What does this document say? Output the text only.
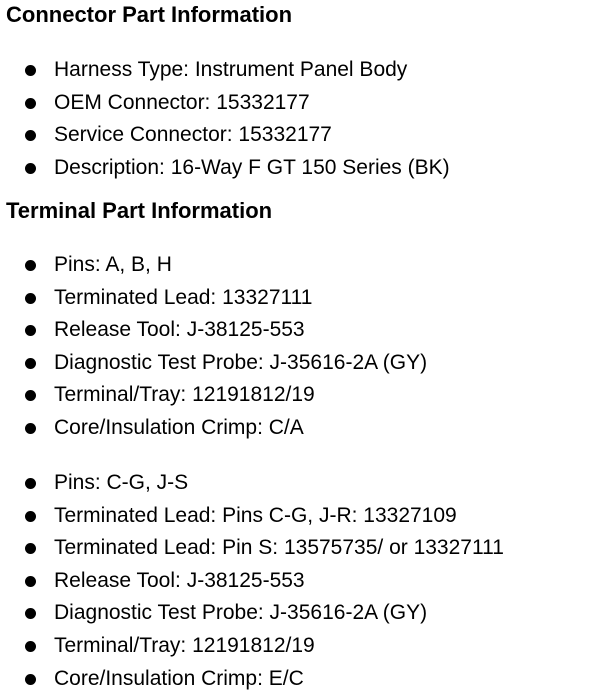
Connector Part Information
Harness Type: Instrument Panel Body
OEM Connector: 15332177
Service Connector: 15332177
Description: 16-Way F GT 150 Series (BK)
Terminal Part Information
Pins: A, B, H
Terminated Lead: 13327111
Release Tool: J-38125-553
Diagnostic Test Probe: J-35616-2A (GY)
Terminal/Tray: 12191812/19
Core/Insulation Crimp: C/A
Pins: C-G, J-S
Terminated Lead: Pins C-G, J-R: 13327109
Terminated Lead: Pin S: 13575735/ or 13327111
Release Tool: J-38125-553
Diagnostic Test Probe: J-35616-2A (GY)
Terminal/Tray: 12191812/19
Core/Insulation Crimp: E/C
